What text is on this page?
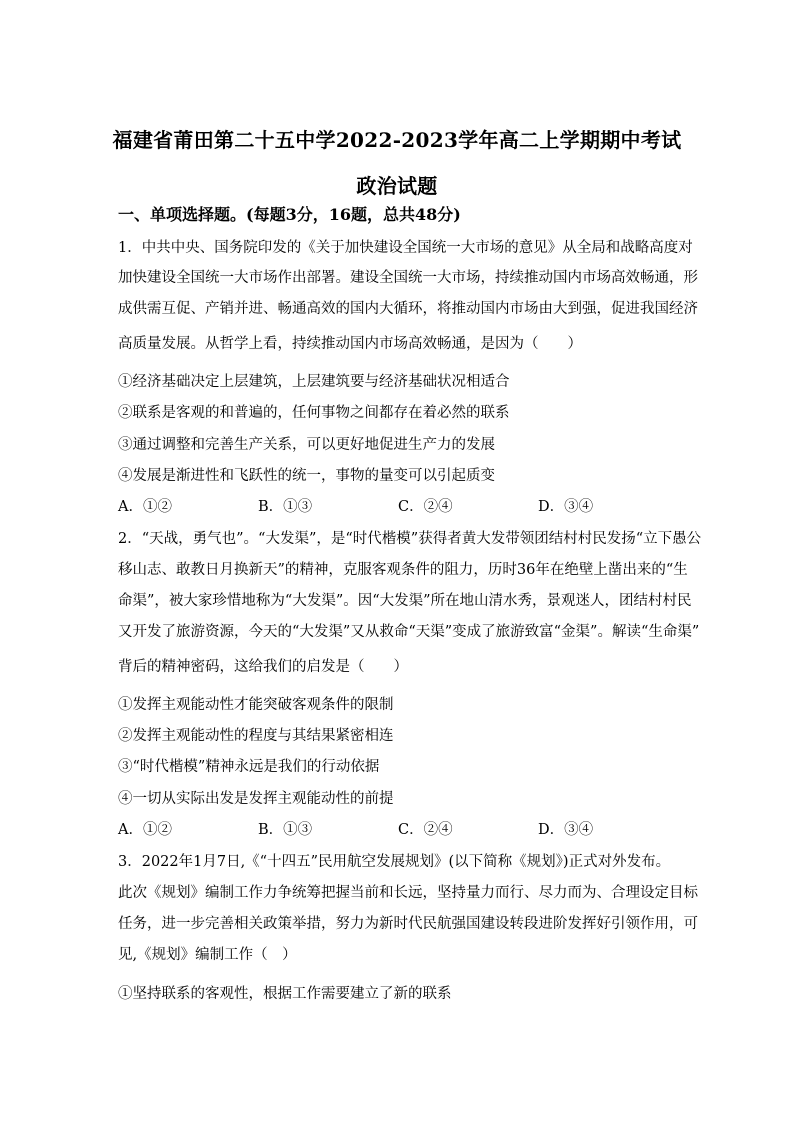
福建省莆田第二十五中学2022-2023学年高二上学期期中考试
政治试题
一、单项选择题。(每题3分，16题，总共48分)
1．中共中央、国务院印发的《关于加快建设全国统一大市场的意见》从全局和战略高度对
加快建设全国统一大市场作出部署。建设全国统一大市场，持续推动国内市场高效畅通，形
成供需互促、产销并进、畅通高效的国内大循环，将推动国内市场由大到强，促进我国经济
高质量发展。从哲学上看，持续推动国内市场高效畅通，是因为（　　）
①经济基础决定上层建筑，上层建筑要与经济基础状况相适合
②联系是客观的和普遍的，任何事物之间都存在着必然的联系
③通过调整和完善生产关系，可以更好地促进生产力的发展
④发展是渐进性和飞跃性的统一，事物的量变可以引起质变
A．①②	B．①③	C．②④	D．③④
2．“天战，勇气也”。“大发渠”，是“时代楷模”获得者黄大发带领团结村村民发扬“立下愚公
移山志、敢教日月换新天”的精神，克服客观条件的阻力，历时36年在绝壁上凿出来的“生
命渠”，被大家珍惜地称为“大发渠”。因“大发渠”所在地山清水秀，景观迷人，团结村村民
又开发了旅游资源，今天的“大发渠”又从救命“天渠”变成了旅游致富“金渠”。解读“生命渠”
背后的精神密码，这给我们的启发是（　　）
①发挥主观能动性才能突破客观条件的限制
②发挥主观能动性的程度与其结果紧密相连
③“时代楷模”精神永远是我们的行动依据
④一切从实际出发是发挥主观能动性的前提
A．①②	B．①③	C．②④	D．③④
3．2022年1月7日,《“十四五”民用航空发展规划》(以下简称《规划》)正式对外发布。
此次《规划》编制工作力争统筹把握当前和长远，坚持量力而行、尽力而为、合理设定目标
任务，进一步完善相关政策举措，努力为新时代民航强国建设转段进阶发挥好引领作用，可
见,《规划》编制工作（　）
①坚持联系的客观性，根据工作需要建立了新的联系
